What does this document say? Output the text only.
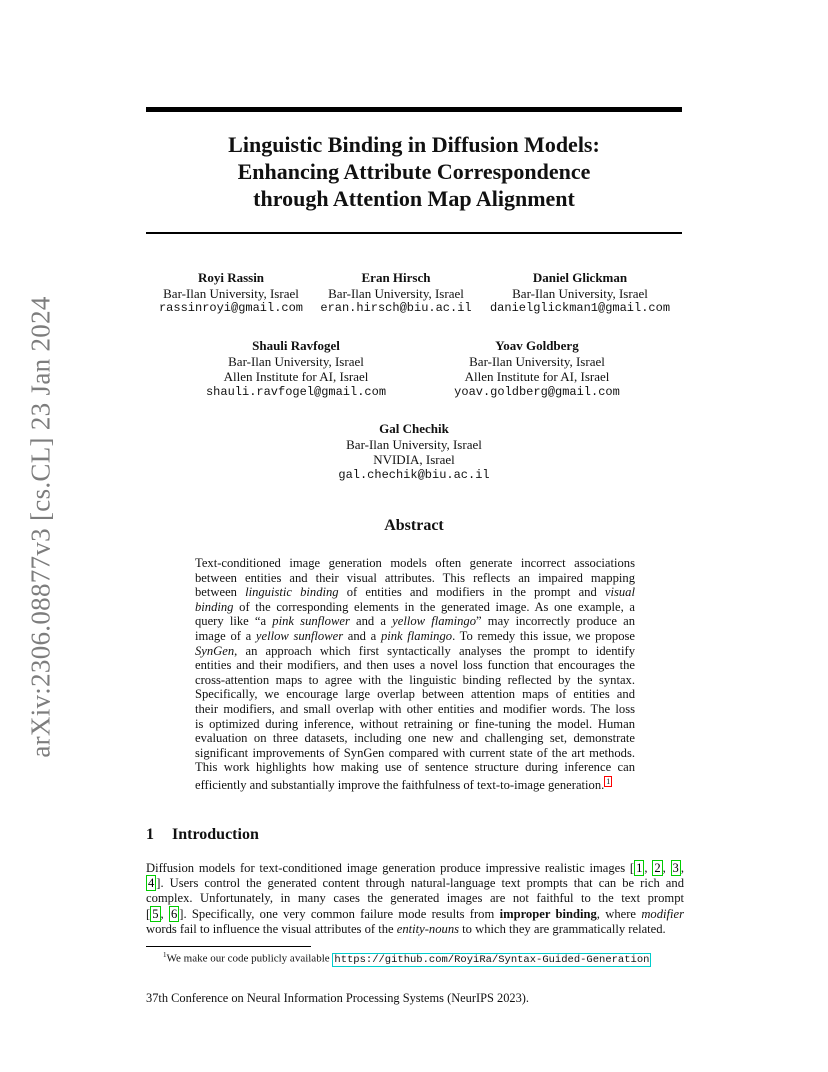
arXiv:2306.08877v3 [cs.CL] 23 Jan 2024
Linguistic Binding in Diffusion Models:
Enhancing Attribute Correspondence
through Attention Map Alignment
Royi Rassin
Bar-Ilan University, Israel
rassinroyi@gmail.com
Eran Hirsch
Bar-Ilan University, Israel
eran.hirsch@biu.ac.il
Daniel Glickman
Bar-Ilan University, Israel
danielglickman1@gmail.com
Shauli Ravfogel
Bar-Ilan University, Israel
Allen Institute for AI, Israel
shauli.ravfogel@gmail.com
Yoav Goldberg
Bar-Ilan University, Israel
Allen Institute for AI, Israel
yoav.goldberg@gmail.com
Gal Chechik
Bar-Ilan University, Israel
NVIDIA, Israel
gal.chechik@biu.ac.il
Abstract
Text-conditioned image generation models often generate incorrect associations
between entities and their visual attributes. This reflects an impaired mapping
between linguistic binding of entities and modifiers in the prompt and visual
binding of the corresponding elements in the generated image. As one example, a
query like “a pink sunflower and a yellow flamingo” may incorrectly produce an
image of a yellow sunflower and a pink flamingo. To remedy this issue, we propose
SynGen, an approach which first syntactically analyses the prompt to identify
entities and their modifiers, and then uses a novel loss function that encourages the
cross-attention maps to agree with the linguistic binding reflected by the syntax.
Specifically, we encourage large overlap between attention maps of entities and
their modifiers, and small overlap with other entities and modifier words. The loss
is optimized during inference, without retraining or fine-tuning the model. Human
evaluation on three datasets, including one new and challenging set, demonstrate
significant improvements of SynGen compared with current state of the art methods.
This work highlights how making use of sentence structure during inference can
efficiently and substantially improve the faithfulness of text-to-image generation. $^1$
1 Introduction
Diffusion models for text-conditioned image generation produce impressive realistic images [ 1 , 2 , 3 ,
4 ]. Users control the generated content through natural-language text prompts that can be rich and
complex. Unfortunately, in many cases the generated images are not faithful to the text prompt
[ 5 , 6 ]. Specifically, one very common failure mode results from improper binding, where modifier
words fail to influence the visual attributes of the entity-nouns to which they are grammatically related.
$^1$We make our code publicly available https://github.com/RoyiRa/Syntax-Guided-Generation
37th Conference on Neural Information Processing Systems (NeurIPS 2023).
